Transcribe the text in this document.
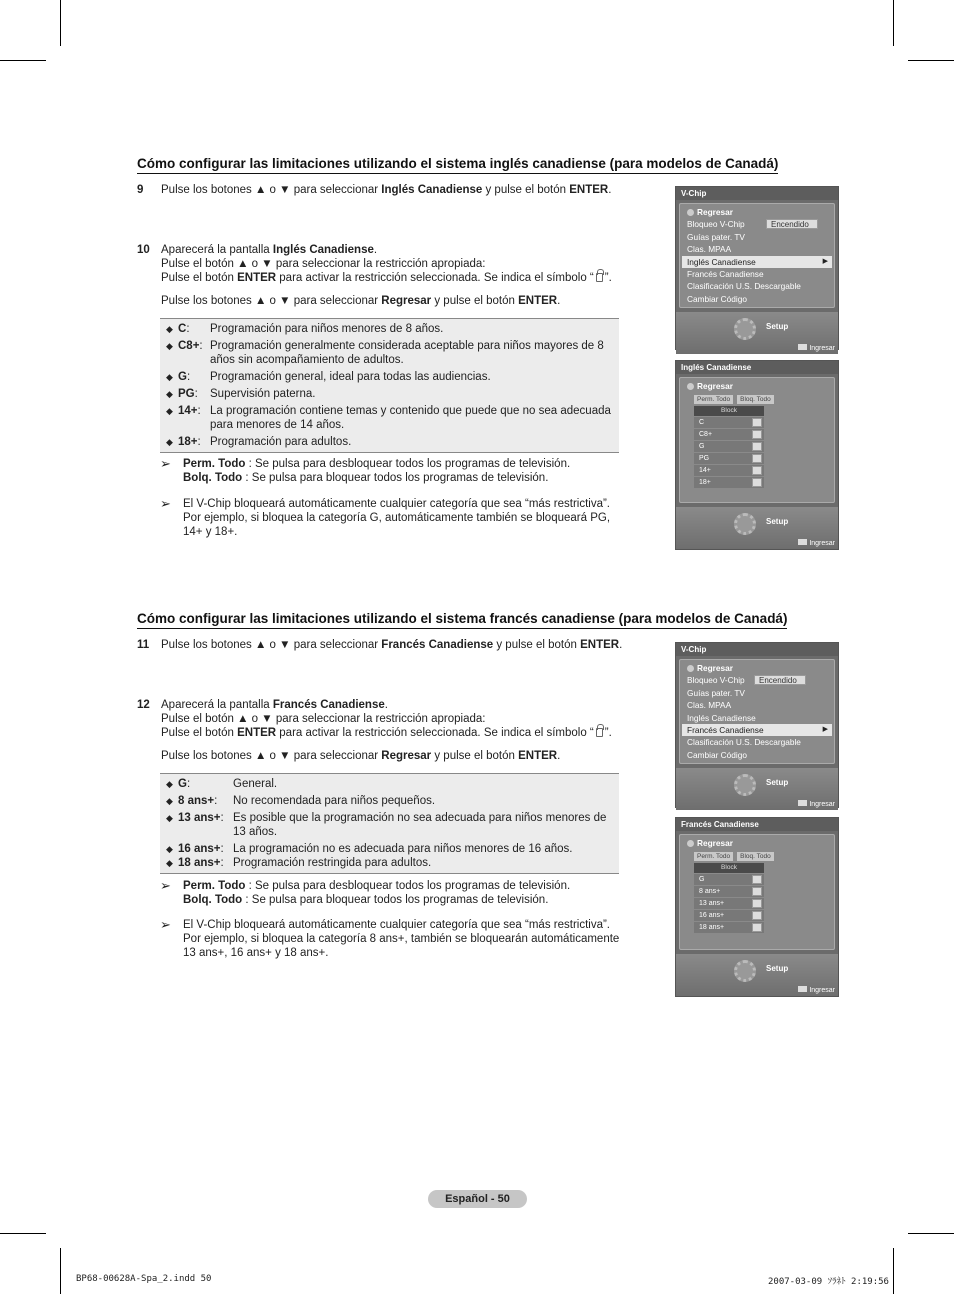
Cómo configurar las limitaciones utilizando el sistema inglés canadiense (para modelos de Canadá)
9 Pulse los botones ▲ o ▼ para seleccionar Inglés Canadiense y pulse el botón ENTER.

10 Aparecerá la pantalla Inglés Canadiense.

Pulse el botón ▲ o ▼ para seleccionar la restricción apropiada:

Pulse el botón ENTER para activar la restricción seleccionada. Se indica el símbolo “ ”.

Pulse los botones ▲ o ▼ para seleccionar Regresar y pulse el botón ENTER.

◆ C:	Programación para niños menores de 8 años.
◆ C8+: Programación generalmente considerada aceptable para niños mayores de 8 años sin acompañamiento de adultos.
◆ G:	Programación general, ideal para todas las audiencias.
◆ PG:	Supervisión paterna.
◆ 14+: La programación contiene temas y contenido que puede que no sea adecuada para menores de 14 años.
◆ 18+: Programación para adultos.
➢	Perm. Todo : Se pulsa para desbloquear todos los programas de televisión.

Bolq. Todo : Se pulsa para bloquear todos los programas de televisión.

➢	El V-Chip bloqueará automáticamente cualquier categoría que sea “más restrictiva”. Por ejemplo, si bloquea la categoría G, automáticamente también se bloqueará PG, 14+ y 18+.

V-Chip
Regresar
Bloqueo V-Chip	Encendido
Guías pater. TV
Clas. MPAA
Inglés Canadiense	▶
Francés Canadiense
Clasificación U.S. Descargable
Cambiar Código
Setup
Ingresar
Inglés Canadiense
Regresar
Perm. Todo	Bloq. Todo
Block
C
C8+
G
PG
14+
18+
Setup
Ingresar
Cómo configurar las limitaciones utilizando el sistema francés canadiense (para modelos de Canadá)
11 Pulse los botones ▲ o ▼ para seleccionar Francés Canadiense y pulse el botón ENTER.

12 Aparecerá la pantalla Francés Canadiense.

Pulse el botón ▲ o ▼ para seleccionar la restricción apropiada:

Pulse el botón ENTER para activar la restricción seleccionada. Se indica el símbolo “ ”.

Pulse los botones ▲ o ▼ para seleccionar Regresar y pulse el botón ENTER.

◆ G:	General.
◆ 8 ans+:	No recomendada para niños pequeños.
◆ 13 ans+: Es posible que la programación no sea adecuada para niños menores de 13 años.
◆ 16 ans+: La programación no es adecuada para niños menores de 16 años.
◆ 18 ans+: Programación restringida para adultos.
➢	Perm. Todo : Se pulsa para desbloquear todos los programas de televisión.

Bolq. Todo : Se pulsa para bloquear todos los programas de televisión.

➢	El V-Chip bloqueará automáticamente cualquier categoría que sea “más restrictiva”. Por ejemplo, si bloquea la categoría 8 ans+, también se bloquearán automáticamente 13 ans+, 16 ans+ y 18 ans+.

V-Chip
Regresar
Bloqueo V-Chip	Encendido
Guías pater. TV
Clas. MPAA
Inglés Canadiense
Francés Canadiense	▶
Clasificación U.S. Descargable
Cambiar Código
Setup
Ingresar
Francés Canadiense
Regresar
Perm. Todo	Bloq. Todo
Block
G
8 ans+
13 ans+
16 ans+
18 ans+
Setup
Ingresar
Español - 50
BP68-00628A-Spa_2.indd 50	2007-03-09 ｿﾗﾈﾄ 2:19:56
